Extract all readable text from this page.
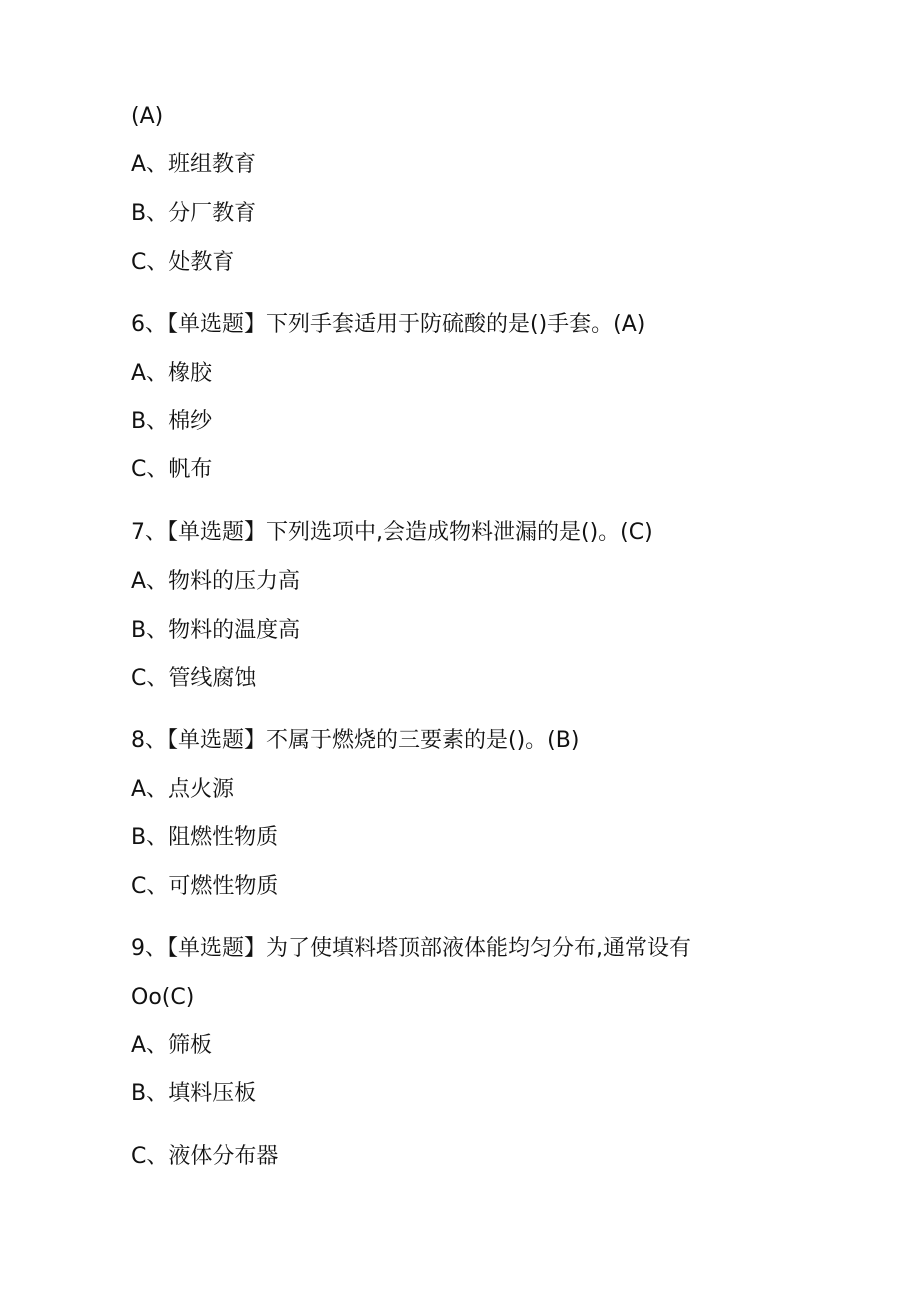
(A)
A、班组教育
B、分厂教育
C、处教育
6、【单选题】下列手套适用于防硫酸的是()手套。(A)
A、橡胶
B、棉纱
C、帆布
7、【单选题】下列选项中,会造成物料泄漏的是()。(C)
A、物料的压力高
B、物料的温度高
C、管线腐蚀
8、【单选题】不属于燃烧的三要素的是()。(B)
A、点火源
B、阻燃性物质
C、可燃性物质
9、【单选题】为了使填料塔顶部液体能均匀分布,通常设有
Oo(C)
A、筛板
B、填料压板
C、液体分布器
